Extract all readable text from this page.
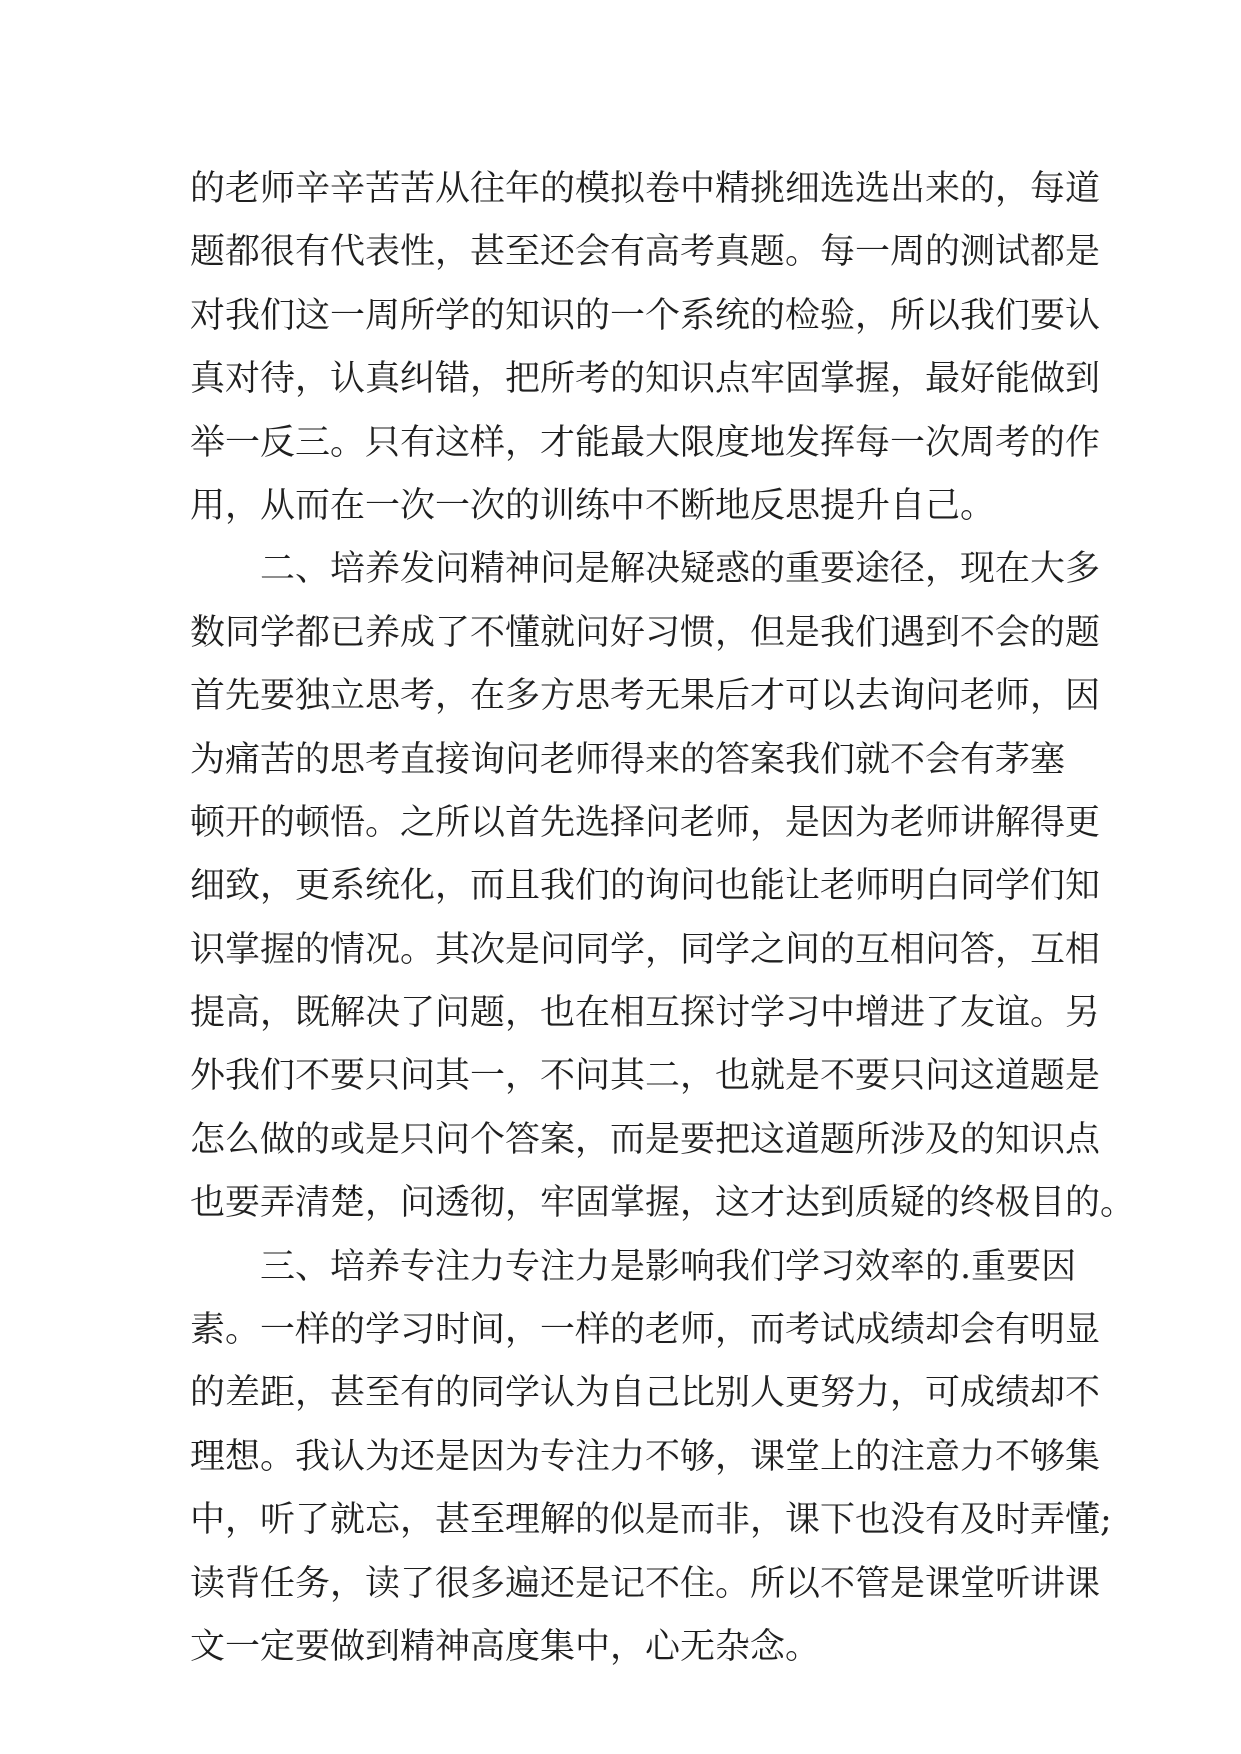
的老师辛辛苦苦从往年的模拟卷中精挑细选选出来的，每道
题都很有代表性，甚至还会有高考真题。每一周的测试都是
对我们这一周所学的知识的一个系统的检验，所以我们要认
真对待，认真纠错，把所考的知识点牢固掌握，最好能做到
举一反三。只有这样，才能最大限度地发挥每一次周考的作
用，从而在一次一次的训练中不断地反思提升自己。
二、培养发问精神问是解决疑惑的重要途径，现在大多
数同学都已养成了不懂就问好习惯，但是我们遇到不会的题
首先要独立思考，在多方思考无果后才可以去询问老师，因
为痛苦的思考直接询问老师得来的答案我们就不会有茅塞
顿开的顿悟。之所以首先选择问老师，是因为老师讲解得更
细致，更系统化，而且我们的询问也能让老师明白同学们知
识掌握的情况。其次是问同学，同学之间的互相问答，互相
提高，既解决了问题，也在相互探讨学习中增进了友谊。另
外我们不要只问其一，不问其二，也就是不要只问这道题是
怎么做的或是只问个答案，而是要把这道题所涉及的知识点
也要弄清楚，问透彻，牢固掌握，这才达到质疑的终极目的。
三、培养专注力专注力是影响我们学习效率的.重要因
素。一样的学习时间，一样的老师，而考试成绩却会有明显
的差距，甚至有的同学认为自己比别人更努力，可成绩却不
理想。我认为还是因为专注力不够，课堂上的注意力不够集
中，听了就忘，甚至理解的似是而非，课下也没有及时弄懂;
读背任务，读了很多遍还是记不住。所以不管是课堂听讲课
文一定要做到精神高度集中，心无杂念。
